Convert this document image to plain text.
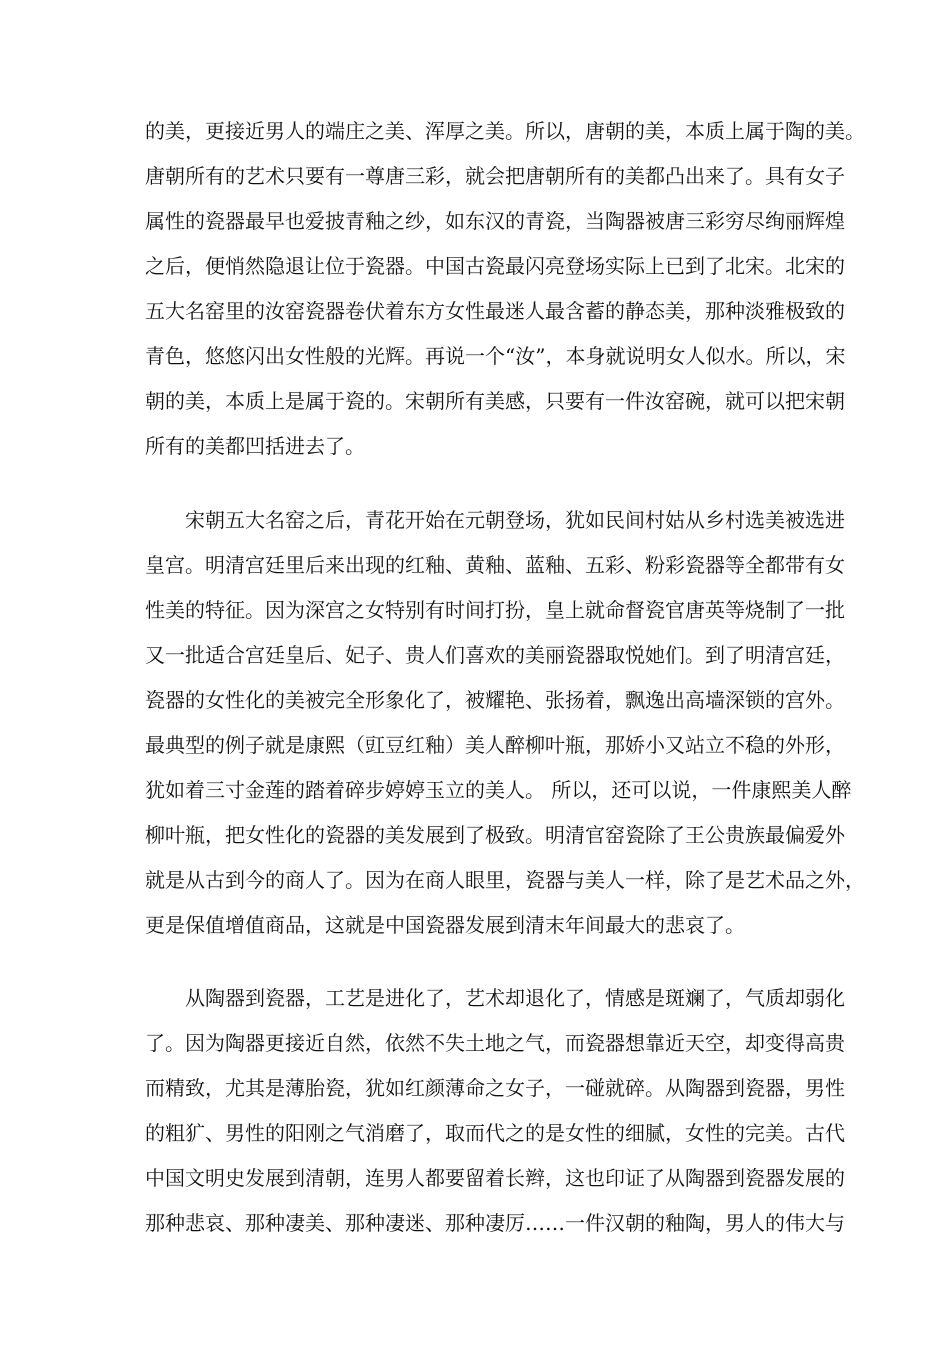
的美，更接近男人的端庄之美、浑厚之美。所以，唐朝的美，本质上属于陶的美。
唐朝所有的艺术只要有一尊唐三彩，就会把唐朝所有的美都凸出来了。具有女子
属性的瓷器最早也爱披青釉之纱，如东汉的青瓷，当陶器被唐三彩穷尽绚丽辉煌
之后，便悄然隐退让位于瓷器。中国古瓷最闪亮登场实际上已到了北宋。北宋的
五大名窑里的汝窑瓷器卷伏着东方女性最迷人最含蓄的静态美，那种淡雅极致的
青色，悠悠闪出女性般的光辉。再说一个“汝”，本身就说明女人似水。所以，宋
朝的美，本质上是属于瓷的。宋朝所有美感，只要有一件汝窑碗，就可以把宋朝
所有的美都凹括进去了。
宋朝五大名窑之后，青花开始在元朝登场，犹如民间村姑从乡村选美被选进
皇宫。明清宫廷里后来出现的红釉、黄釉、蓝釉、五彩、粉彩瓷器等全都带有女
性美的特征。因为深宫之女特别有时间打扮，皇上就命督瓷官唐英等烧制了一批
又一批适合宫廷皇后、妃子、贵人们喜欢的美丽瓷器取悦她们。到了明清宫廷，
瓷器的女性化的美被完全形象化了，被耀艳、张扬着，飘逸出高墙深锁的宫外。
最典型的例子就是康熙（豇豆红釉）美人醉柳叶瓶，那娇小又站立不稳的外形，
犹如着三寸金莲的踏着碎步婷婷玉立的美人。 所以，还可以说，一件康熙美人醉
柳叶瓶，把女性化的瓷器的美发展到了极致。明清官窑瓷除了王公贵族最偏爱外
就是从古到今的商人了。因为在商人眼里，瓷器与美人一样，除了是艺术品之外，
更是保值增值商品，这就是中国瓷器发展到清末年间最大的悲哀了。
从陶器到瓷器，工艺是进化了，艺术却退化了，情感是斑斓了，气质却弱化
了。因为陶器更接近自然，依然不失土地之气，而瓷器想靠近天空，却变得高贵
而精致，尤其是薄胎瓷，犹如红颜薄命之女子，一碰就碎。从陶器到瓷器，男性
的粗犷、男性的阳刚之气消磨了，取而代之的是女性的细腻，女性的完美。古代
中国文明史发展到清朝，连男人都要留着长辫，这也印证了从陶器到瓷器发展的
那种悲哀、那种凄美、那种凄迷、那种凄厉……一件汉朝的釉陶，男人的伟大与
